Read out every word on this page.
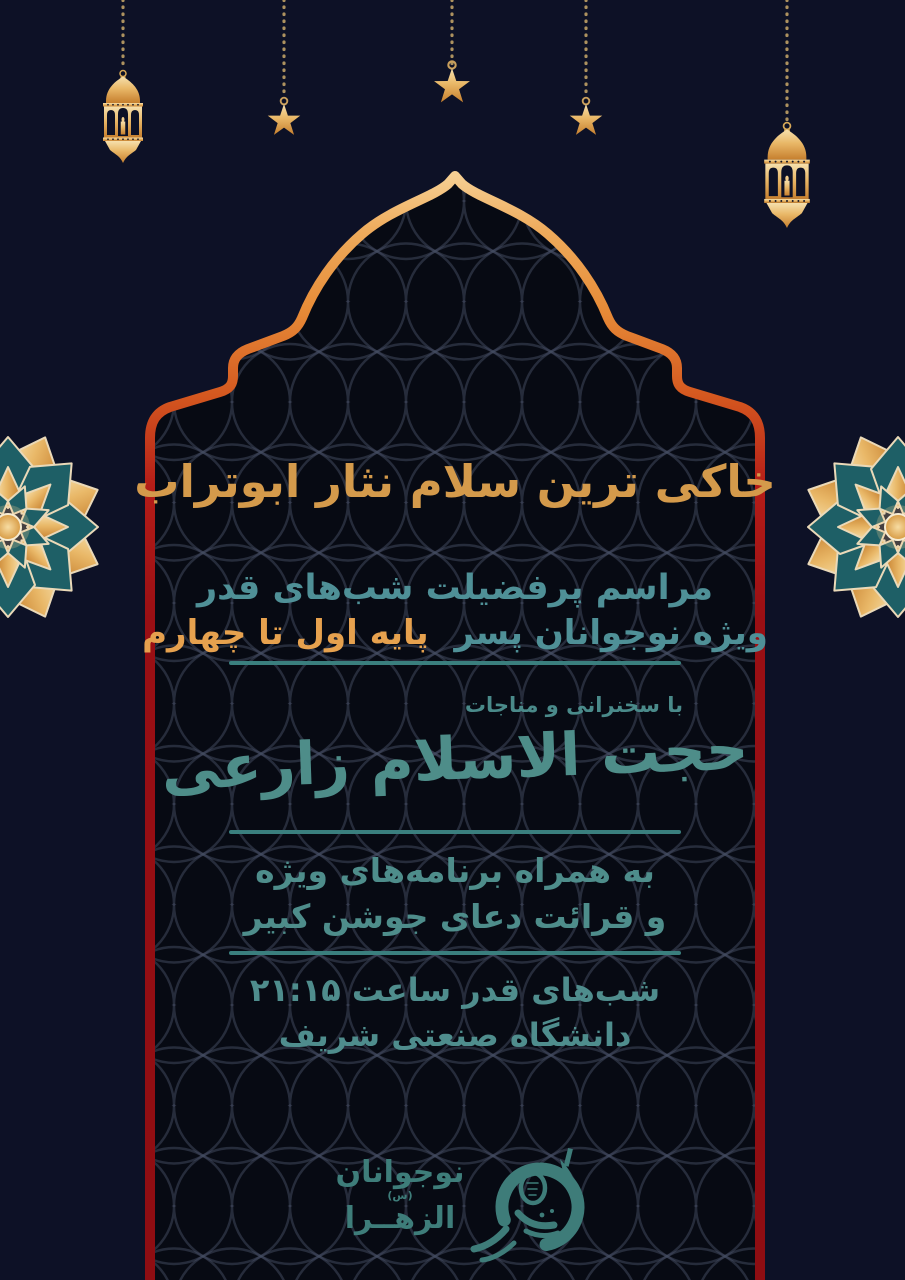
خاکی ترین سلام نثار ابوتراب
مراسم پرفضیلت شب‌های قدر
ویژه نوجوانان پسر پایه اول تا چهارم
با سخنرانی و مناجات
حجت الاسلام زارعی
به همراه برنامه‌های ویژه
و قرائت دعای جوشن کبیر
شب‌های قدر ساعت ۲۱:۱۵
دانشگاه صنعتی شریف
نوجوانان
(س)
الزهــرا
